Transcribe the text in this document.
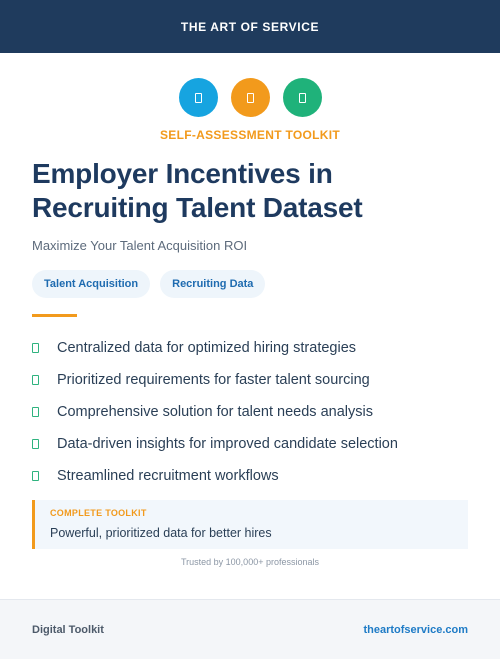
THE ART OF SERVICE
SELF-ASSESSMENT TOOLKIT
Employer Incentives in Recruiting Talent Dataset
Maximize Your Talent Acquisition ROI
Talent Acquisition	Recruiting Data
Centralized data for optimized hiring strategies
Prioritized requirements for faster talent sourcing
Comprehensive solution for talent needs analysis
Data-driven insights for improved candidate selection
Streamlined recruitment workflows
COMPLETE TOOLKIT
Powerful, prioritized data for better hires
Trusted by 100,000+ professionals
Digital Toolkit	theartofservice.com
